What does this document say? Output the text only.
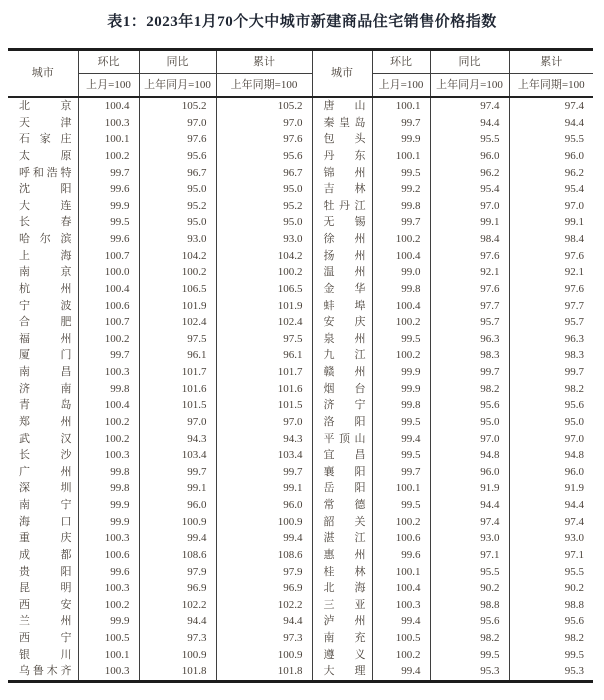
表1：2023年1月70个大中城市新建商品住宅销售价格指数
城市	环比	同比	累计	城市	环比	同比	累计
	上月=100	上年同月=100	上年同期=100		上月=100	上年同月=100	上年同期=100

北京	100.4	105.2	105.2	唐山	100.1	97.4	97.4

天津	100.3	97.0	97.0	秦皇岛	99.7	94.4	94.4

石家庄	100.1	97.6	97.6	包头	99.9	95.5	95.5

太原	100.2	95.6	95.6	丹东	100.1	96.0	96.0

呼和浩特	99.7	96.7	96.7	锦州	99.5	96.2	96.2

沈阳	99.6	95.0	95.0	吉林	99.2	95.4	95.4

大连	99.9	95.2	95.2	牡丹江	99.8	97.0	97.0

长春	99.5	95.0	95.0	无锡	99.7	99.1	99.1

哈尔滨	99.6	93.0	93.0	徐州	100.2	98.4	98.4

上海	100.7	104.2	104.2	扬州	100.4	97.6	97.6

南京	100.0	100.2	100.2	温州	99.0	92.1	92.1

杭州	100.4	106.5	106.5	金华	99.8	97.6	97.6

宁波	100.6	101.9	101.9	蚌埠	100.4	97.7	97.7

合肥	100.7	102.4	102.4	安庆	100.2	95.7	95.7

福州	100.2	97.5	97.5	泉州	99.5	96.3	96.3

厦门	99.7	96.1	96.1	九江	100.2	98.3	98.3

南昌	100.3	101.7	101.7	赣州	99.9	99.7	99.7

济南	99.8	101.6	101.6	烟台	99.9	98.2	98.2

青岛	100.4	101.5	101.5	济宁	99.8	95.6	95.6

郑州	100.2	97.0	97.0	洛阳	99.5	95.0	95.0

武汉	100.2	94.3	94.3	平顶山	99.4	97.0	97.0

长沙	100.3	103.4	103.4	宜昌	99.5	94.8	94.8

广州	99.8	99.7	99.7	襄阳	99.7	96.0	96.0

深圳	99.8	99.1	99.1	岳阳	100.1	91.9	91.9

南宁	99.9	96.0	96.0	常德	99.5	94.4	94.4

海口	99.9	100.9	100.9	韶关	100.2	97.4	97.4

重庆	100.3	99.4	99.4	湛江	100.6	93.0	93.0

成都	100.6	108.6	108.6	惠州	99.6	97.1	97.1

贵阳	99.6	97.9	97.9	桂林	100.1	95.5	95.5

昆明	100.3	96.9	96.9	北海	100.4	90.2	90.2

西安	100.2	102.2	102.2	三亚	100.3	98.8	98.8

兰州	99.9	94.4	94.4	泸州	99.4	95.6	95.6

西宁	100.5	97.3	97.3	南充	100.5	98.2	98.2

银川	100.1	100.9	100.9	遵义	100.2	99.5	99.5

乌鲁木齐	100.3	101.8	101.8	大理	99.4	95.3	95.3
